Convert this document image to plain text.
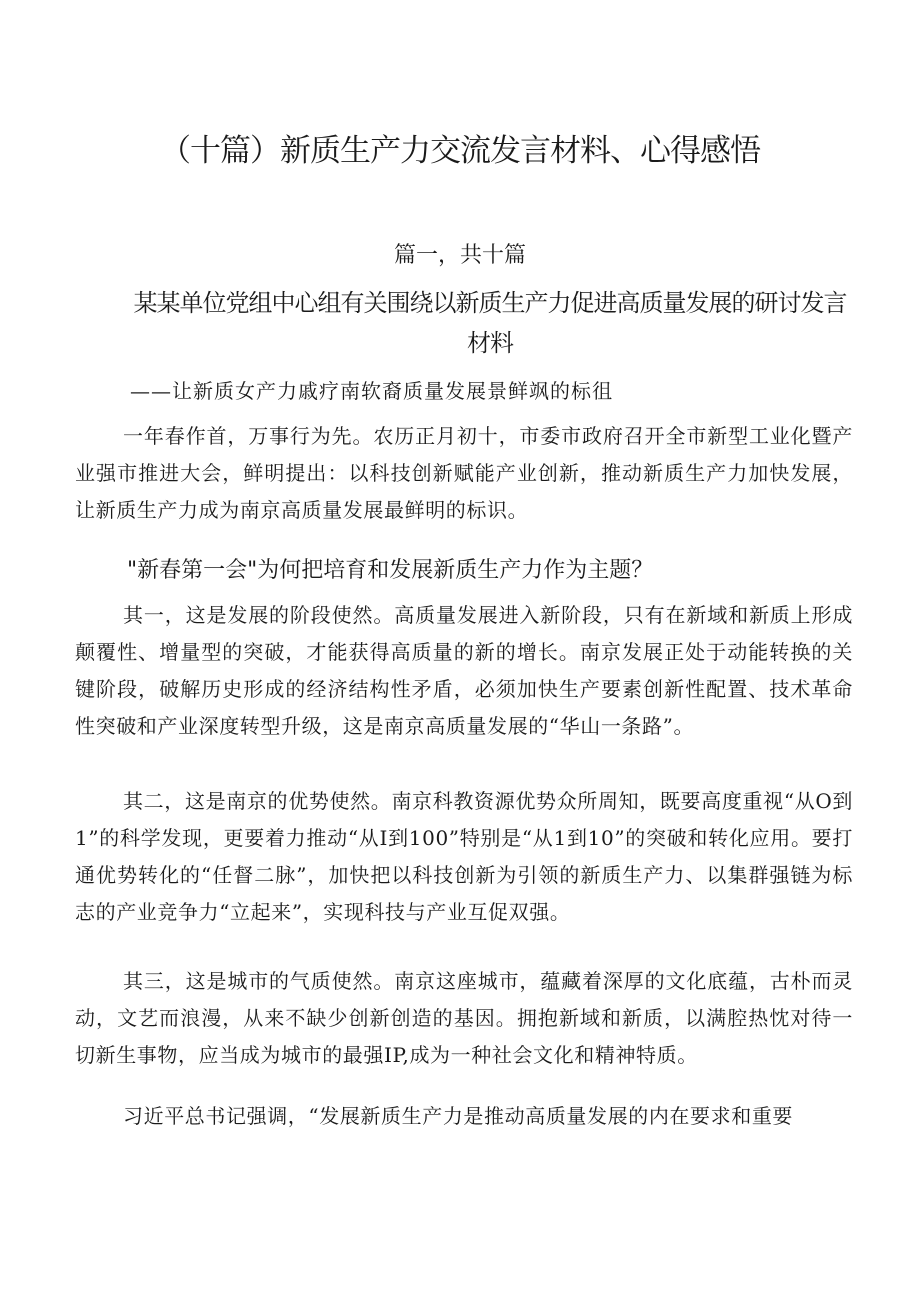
（十篇）新质生产力交流发言材料、心得感悟

篇一，共十篇

某某单位党组中心组有关围绕以新质生产力促进高质量发展的研讨发言材料

——让新质女产力戚疗南软裔质量发展景鲜飒的标徂

一年春作首，万事行为先。农历正月初十，市委市政府召开全市新型工业化暨产业强市推进大会，鲜明提出：以科技创新赋能产业创新，推动新质生产力加快发展，让新质生产力成为南京高质量发展最鲜明的标识。

"新春第一会"为何把培育和发展新质生产力作为主题？

其一，这是发展的阶段使然。高质量发展进入新阶段，只有在新域和新质上形成颠覆性、增量型的突破，才能获得高质量的新的增长。南京发展正处于动能转换的关键阶段，破解历史形成的经济结构性矛盾，必须加快生产要素创新性配置、技术革命性突破和产业深度转型升级，这是南京高质量发展的“华山一条路”。

其二，这是南京的优势使然。南京科教资源优势众所周知，既要高度重视“从O到1”的科学发现，更要着力推动“从I到100”特别是“从1到10”的突破和转化应用。要打通优势转化的“任督二脉”，加快把以科技创新为引领的新质生产力、以集群强链为标志的产业竞争力“立起来”，实现科技与产业互促双强。

其三，这是城市的气质使然。南京这座城市，蕴藏着深厚的文化底蕴，古朴而灵动，文艺而浪漫，从来不缺少创新创造的基因。拥抱新域和新质，以满腔热忱对待一切新生事物，应当成为城市的最强IP,成为一种社会文化和精神特质。

习近平总书记强调，“发展新质生产力是推动高质量发展的内在要求和重要
